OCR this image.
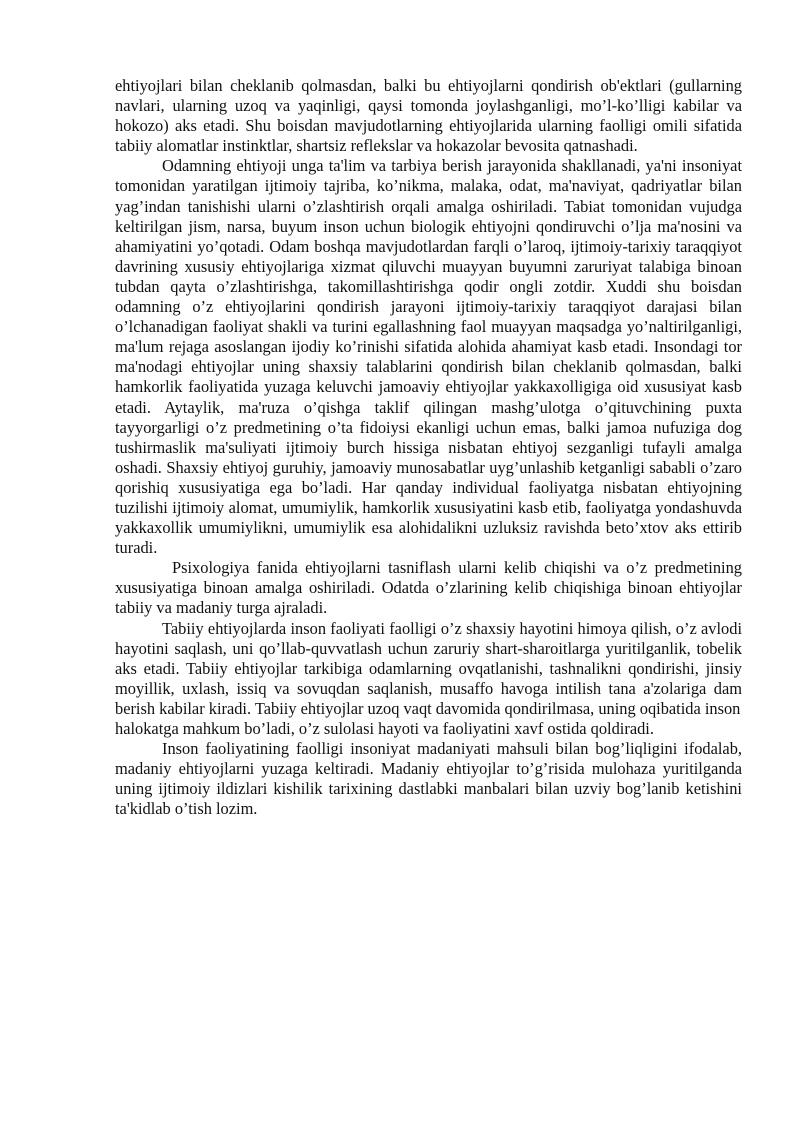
ehtiyojlari bilan cheklanib qolmasdan, balki bu ehtiyojlarni qondirish ob'ektlari (gullarning navlari, ularning uzoq va yaqinligi, qaysi tomonda joylashganligi, mo’l-ko’lligi kabilar va hokozo) aks etadi. Shu boisdan mavjudotlarning ehtiyojlarida ularning faolligi omili sifatida tabiiy alomatlar instinktlar, shartsiz reflekslar va hokazolar bevosita qatnashadi.

Odamning ehtiyoji unga ta'lim va tarbiya berish jarayonida shakllanadi, ya'ni insoniyat tomonidan yaratilgan ijtimoiy tajriba, ko’nikma, malaka, odat, ma'naviyat, qadriyatlar bilan yag’indan tanishishi ularni o’zlashtirish orqali amalga oshiriladi. Tabiat tomonidan vujudga keltirilgan jism, narsa, buyum inson uchun biologik ehtiyojni qondiruvchi o’lja ma'nosini va ahamiyatini yo’qotadi. Odam boshqa mavjudotlardan farqli o’laroq, ijtimoiy-tarixiy taraqqiyot davrining xususiy ehtiyojlariga xizmat qiluvchi muayyan buyumni zaruriyat talabiga binoan tubdan qayta o’zlashtirishga, takomillashtirishga qodir ongli zotdir. Xuddi shu boisdan odamning o’z ehtiyojlarini qondirish jarayoni ijtimoiy-tarixiy taraqqiyot darajasi bilan o’lchanadigan faoliyat shakli va turini egallashning faol muayyan maqsadga yo’naltirilganligi, ma'lum rejaga asoslangan ijodiy ko’rinishi sifatida alohida ahamiyat kasb etadi. Insondagi tor ma'nodagi ehtiyojlar uning shaxsiy talablarini qondirish bilan cheklanib qolmasdan, balki hamkorlik faoliyatida yuzaga keluvchi jamoaviy ehtiyojlar yakkaxolligiga oid xususiyat kasb etadi. Aytaylik, ma'ruza o’qishga taklif qilingan mashg’ulotga o’qituvchining puxta tayyorgarligi o’z predmetining o’ta fidoiysi ekanligi uchun emas, balki jamoa nufuziga dog tushirmaslik ma'suliyati ijtimoiy burch hissiga nisbatan ehtiyoj sezganligi tufayli amalga oshadi. Shaxsiy ehtiyoj guruhiy, jamoaviy munosabatlar uyg’unlashib ketganligi sababli o’zaro qorishiq xususiyatiga ega bo’ladi. Har qanday individual faoliyatga nisbatan ehtiyojning tuzilishi ijtimoiy alomat, umumiylik, hamkorlik xususiyatini kasb etib, faoliyatga yondashuvda yakkaxollik umumiylikni, umumiylik esa alohidalikni uzluksiz ravishda beto’xtov aks ettirib turadi.

Psixologiya fanida ehtiyojlarni tasniflash ularni kelib chiqishi va o’z predmetining xususiyatiga binoan amalga oshiriladi. Odatda o’zlarining kelib chiqishiga binoan ehtiyojlar tabiiy va madaniy turga ajraladi.

Tabiiy ehtiyojlarda inson faoliyati faolligi o’z shaxsiy hayotini himoya qilish, o’z avlodi hayotini saqlash, uni qo’llab-quvvatlash uchun zaruriy shart-sharoitlarga yuritilganlik, tobelik aks etadi. Tabiiy ehtiyojlar tarkibiga odamlarning ovqatlanishi, tashnalikni qondirishi, jinsiy moyillik, uxlash, issiq va sovuqdan saqlanish, musaffo havoga intilish tana a'zolariga dam berish kabilar kiradi. Tabiiy ehtiyojlar uzoq vaqt davomida qondirilmasa, uning oqibatida inson

halokatga mahkum bo’ladi, o’z sulolasi hayoti va faoliyatini xavf ostida qoldiradi.

Inson faoliyatining faolligi insoniyat madaniyati mahsuli bilan bog’liqligini ifodalab, madaniy ehtiyojlarni yuzaga keltiradi. Madaniy ehtiyojlar to’g’risida mulohaza yuritilganda uning ijtimoiy ildizlari kishilik tarixining dastlabki manbalari bilan uzviy bog’lanib ketishini ta'kidlab o’tish lozim.
